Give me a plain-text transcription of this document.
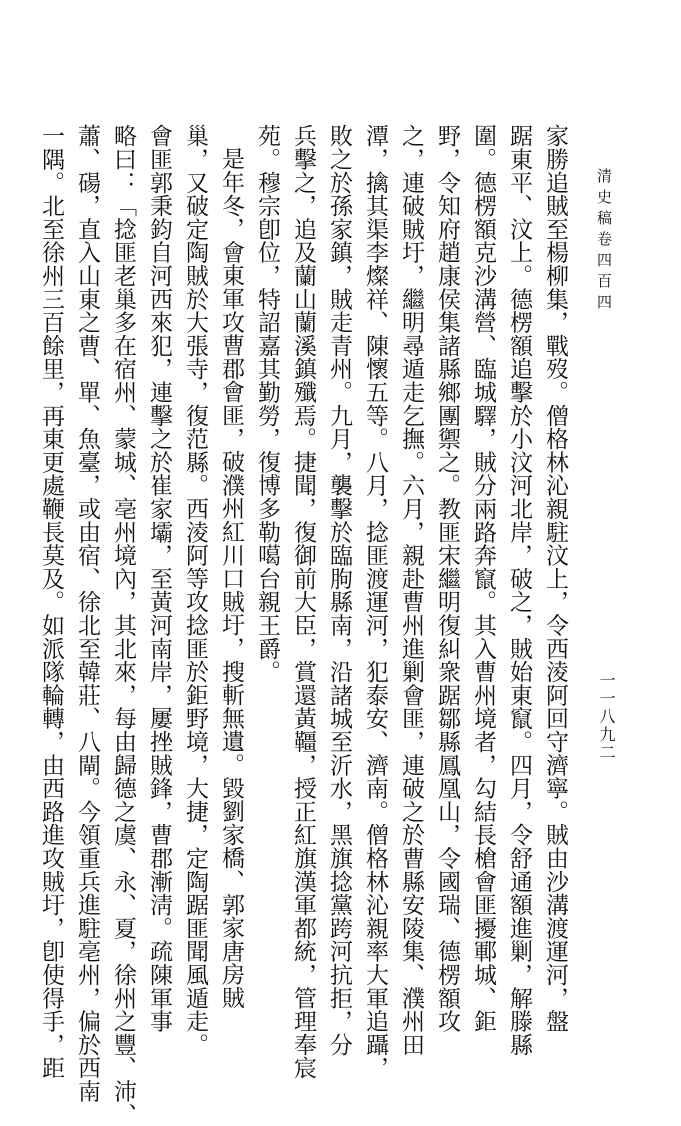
清史稿卷四百四
一一八九二
家勝追賊至楊柳集，戰歿。僧格林沁親駐汶上，令西淩阿回守濟寧。賊由沙溝渡運河，盤
踞東平、汶上。德楞額追擊於小汶河北岸，破之，賊始東竄。四月，令舒通額進剿，解滕縣
圍。德楞額克沙溝營、臨城驛，賊分兩路奔竄。其入曹州境者，勾結長槍會匪擾鄆城、鉅
野，令知府趙康侯集諸縣鄉團禦之。教匪宋繼明復糾衆踞鄒縣鳳凰山，令國瑞、德楞額攻
之，連破賊圩，繼明尋遁走乞撫。六月，親赴曹州進剿會匪，連破之於曹縣安陵集、濮州田
潭，擒其渠李燦祥、陳懷五等。八月，捻匪渡運河，犯泰安、濟南。僧格林沁親率大軍追躡，
敗之於孫家鎮，賊走青州。九月，襲擊於臨朐縣南，沿諸城至沂水，黑旗捻黨跨河抗拒，分
兵擊之，追及蘭山蘭溪鎮殲焉。捷聞，復御前大臣，賞還黃韁，授正紅旗漢軍都統，管理奉宸
苑。穆宗卽位，特詔嘉其勤勞，復博多勒噶台親王爵。
是年冬，會東軍攻曹郡會匪，破濮州紅川口賊圩，搜斬無遺。毀劉家橋、郭家唐房賊
巢，又破定陶賊於大張寺，復范縣。西淩阿等攻捻匪於鉅野境，大捷，定陶踞匪聞風遁走。
會匪郭秉鈞自河西來犯，連擊之於崔家壩，至黃河南岸，屢挫賊鋒，曹郡漸淸。疏陳軍事
略曰：「捻匪老巢多在宿州、蒙城、亳州境內，其北來，每由歸德之虞、永、夏，徐州之豐、沛、
蕭、碭，直入山東之曹、單、魚臺，或由宿、徐北至韓莊、八閘。今領重兵進駐亳州，偏於西南
一隅。北至徐州三百餘里，再東更處鞭長莫及。如派隊輪轉，由西路進攻賊圩，卽使得手，距
